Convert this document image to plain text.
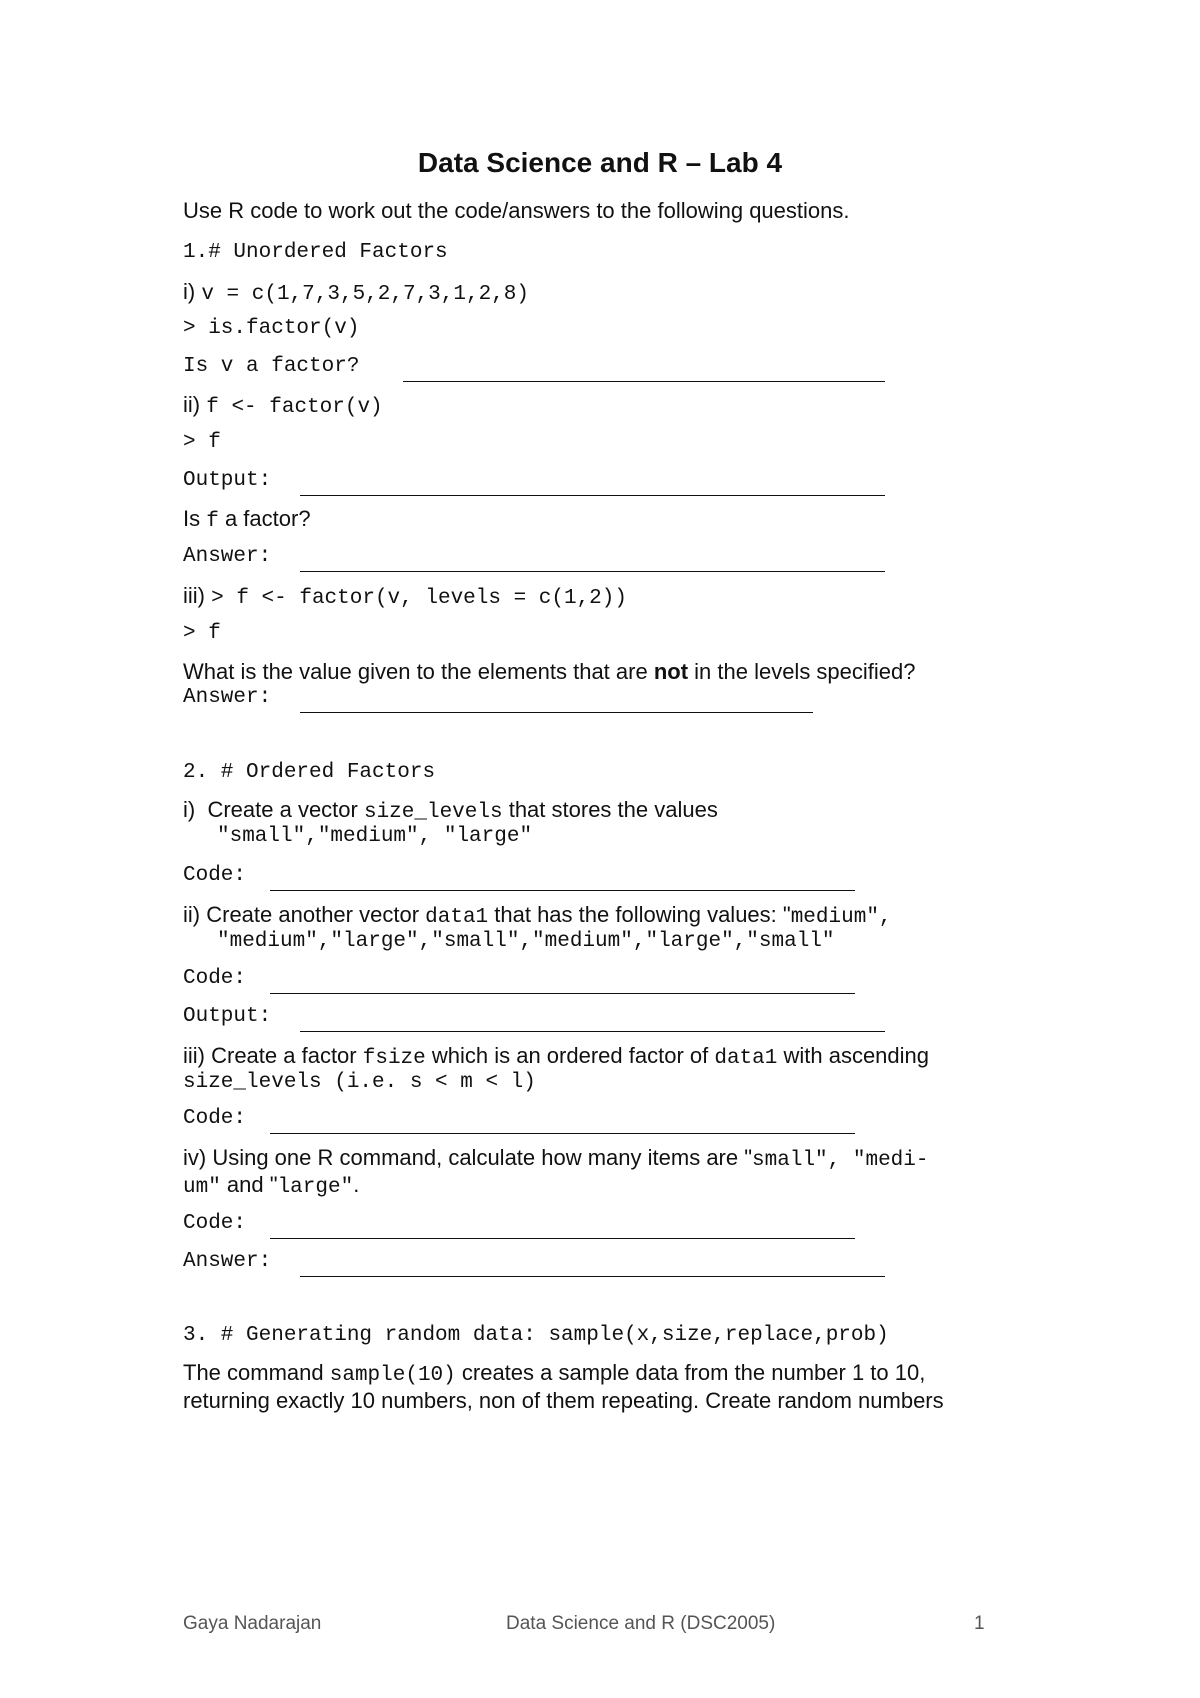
Data Science and R – Lab 4
Use R code to work out the code/answers to the following questions.
1.# Unordered Factors
i) v = c(1,7,3,5,2,7,3,1,2,8)
> is.factor(v)
Is v a factor?
ii) f <- factor(v)
> f
Output:
Is f a factor?
Answer:
iii) > f <- factor(v, levels = c(1,2))
> f
What is the value given to the elements that are not in the levels specified?
Answer:
2. # Ordered Factors
i) Create a vector size_levels that stores the values
"small","medium", "large"
Code:
ii) Create another vector data1 that has the following values: "medium",
"medium","large","small","medium","large","small"
Code:
Output:
iii) Create a factor fsize which is an ordered factor of data1 with ascending
size_levels (i.e. s < m < l)
Code:
iv) Using one R command, calculate how many items are "small", "medi-
um" and "large".
Code:
Answer:
3. # Generating random data: sample(x,size,replace,prob)
The command sample(10) creates a sample data from the number 1 to 10,
returning exactly 10 numbers, non of them repeating. Create random numbers
Gaya Nadarajan	Data Science and R (DSC2005)	1
